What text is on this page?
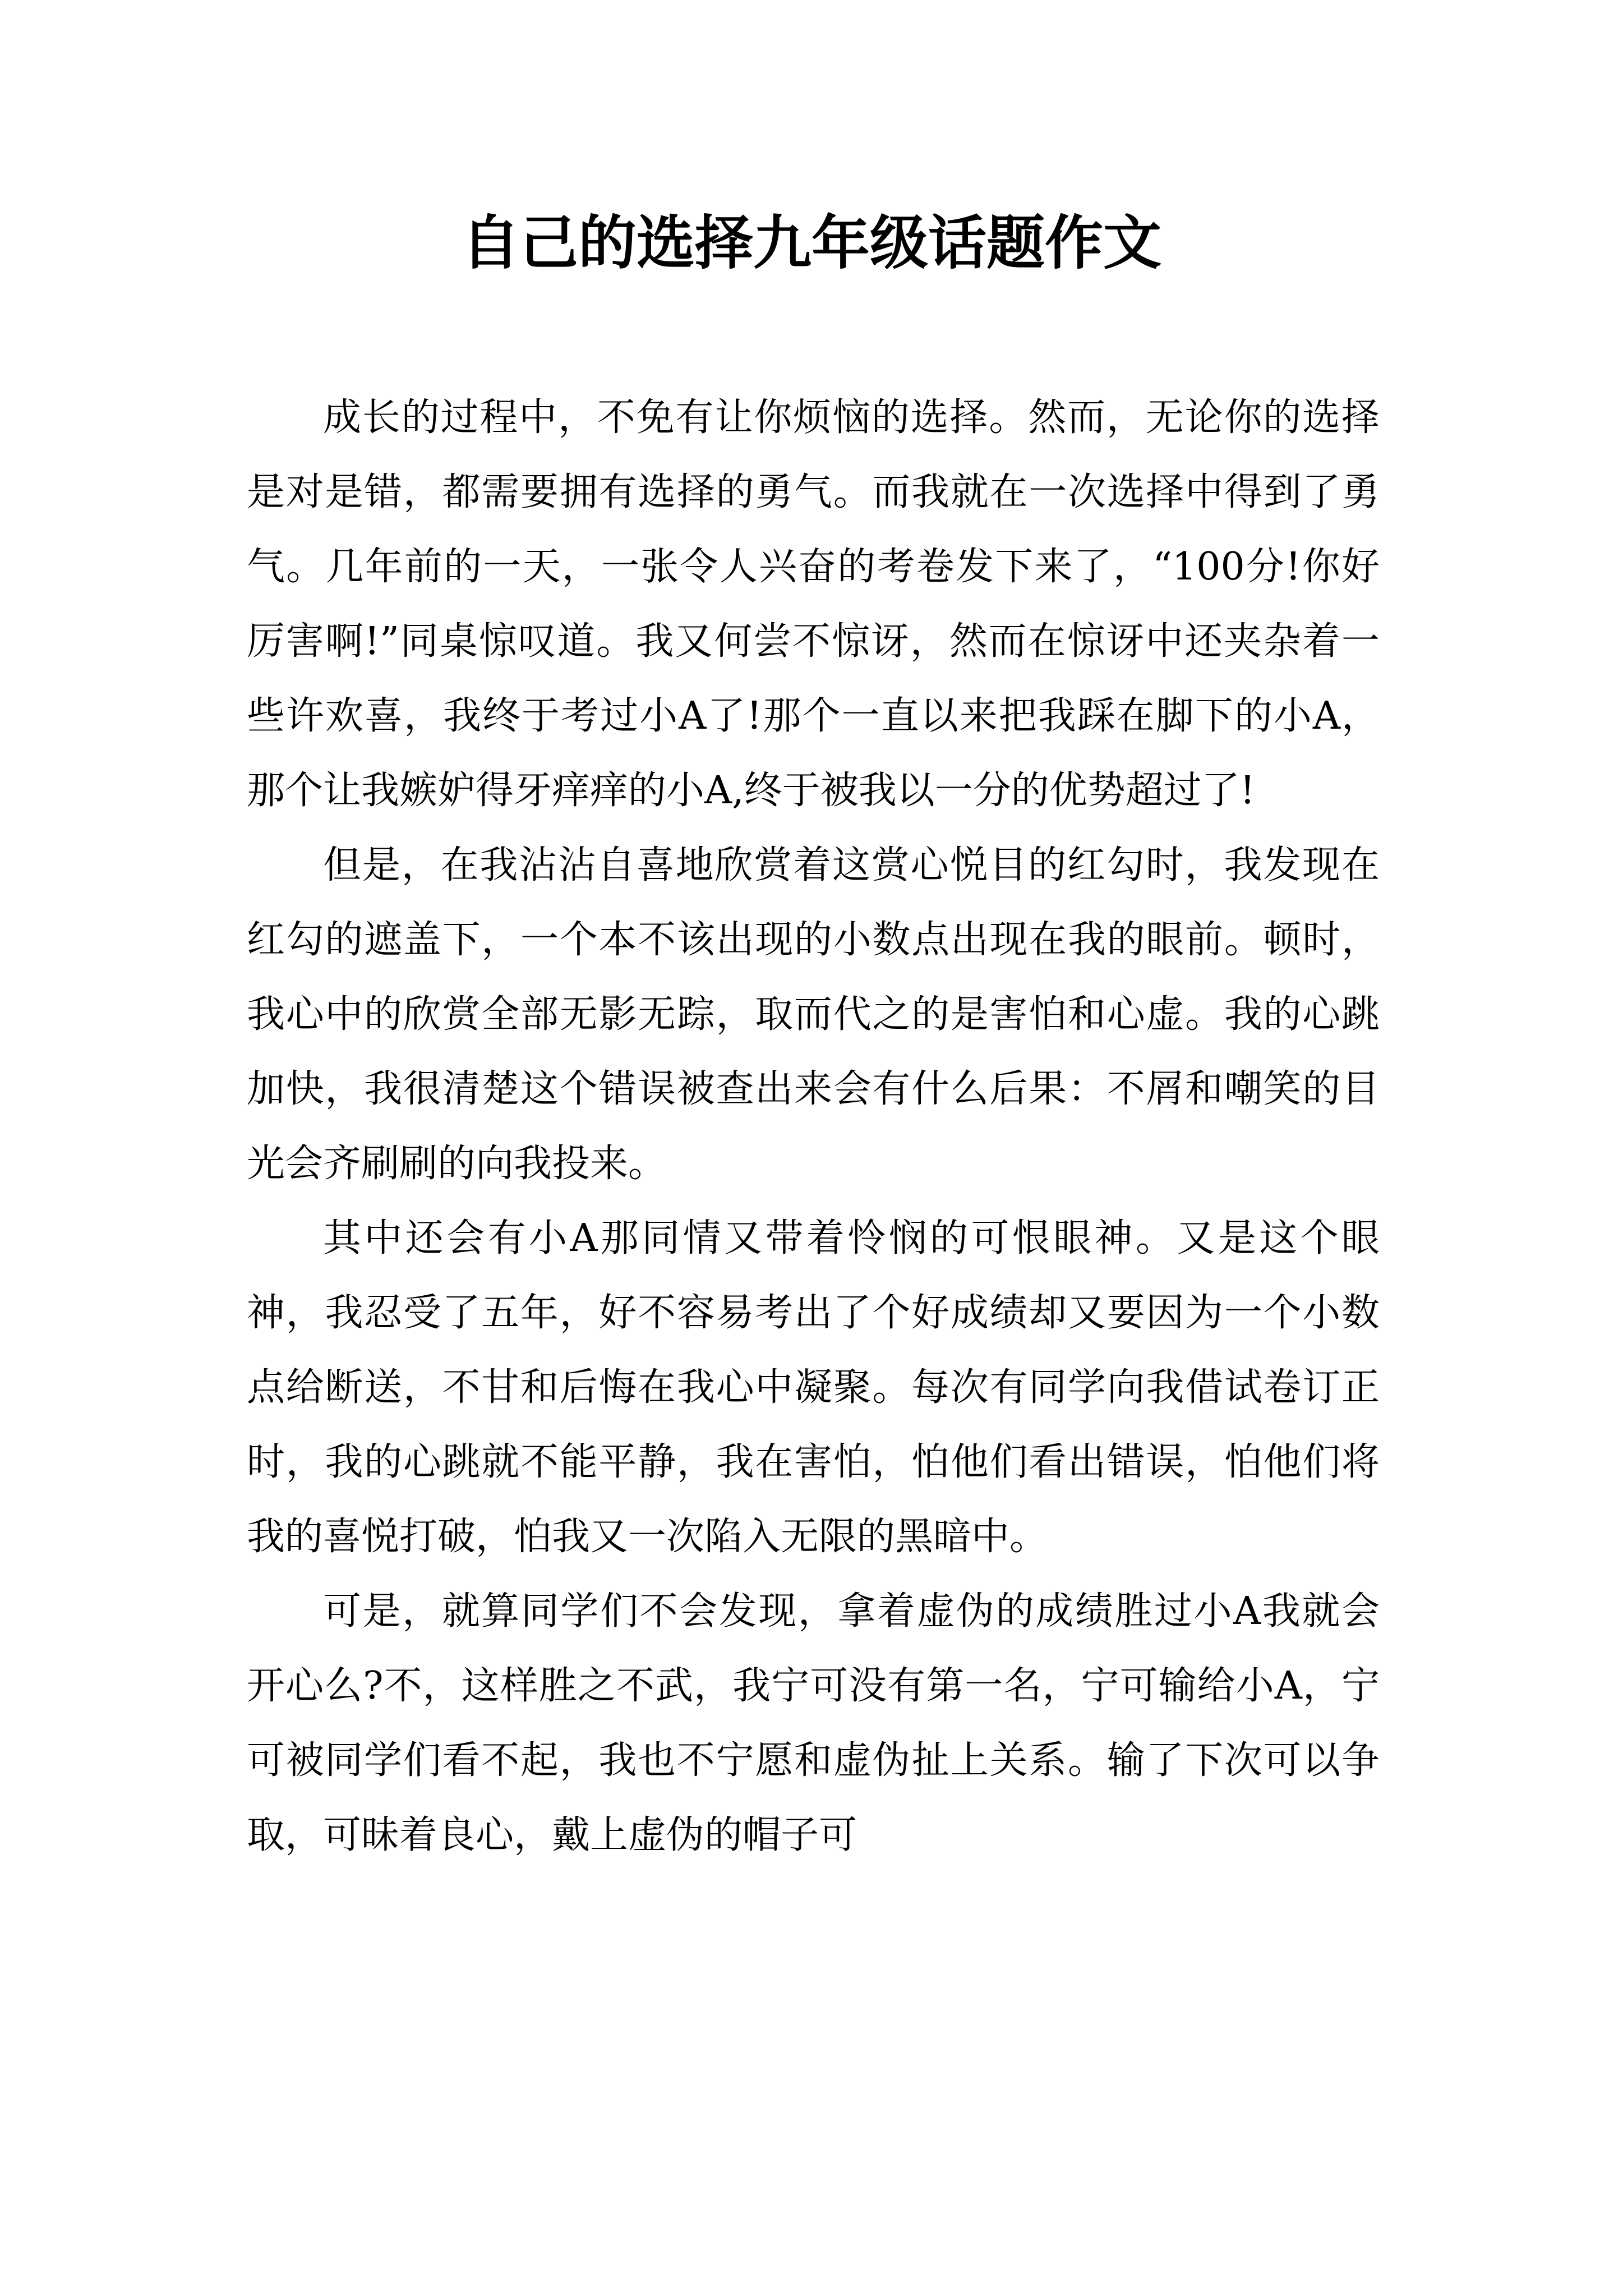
自己的选择九年级话题作文

成长的过程中，不免有让你烦恼的选择。然而，无论你的选择是对是错，都需要拥有选择的勇气。而我就在一次选择中得到了勇气。几年前的一天，一张令人兴奋的考卷发下来了，“100分!你好厉害啊!”同桌惊叹道。我又何尝不惊讶，然而在惊讶中还夹杂着一些许欢喜，我终于考过小A了!那个一直以来把我踩在脚下的小A，那个让我嫉妒得牙痒痒的小A,终于被我以一分的优势超过了!

但是，在我沾沾自喜地欣赏着这赏心悦目的红勾时，我发现在红勾的遮盖下，一个本不该出现的小数点出现在我的眼前。顿时，我心中的欣赏全部无影无踪，取而代之的是害怕和心虚。我的心跳加快，我很清楚这个错误被查出来会有什么后果：不屑和嘲笑的目光会齐刷刷的向我投来。

其中还会有小A那同情又带着怜悯的可恨眼神。又是这个眼神，我忍受了五年，好不容易考出了个好成绩却又要因为一个小数点给断送，不甘和后悔在我心中凝聚。每次有同学向我借试卷订正时，我的心跳就不能平静，我在害怕，怕他们看出错误，怕他们将我的喜悦打破，怕我又一次陷入无限的黑暗中。

可是，就算同学们不会发现，拿着虚伪的成绩胜过小A我就会开心么?不，这样胜之不武，我宁可没有第一名，宁可输给小A，宁可被同学们看不起，我也不宁愿和虚伪扯上关系。输了下次可以争取，可昧着良心，戴上虚伪的帽子可
